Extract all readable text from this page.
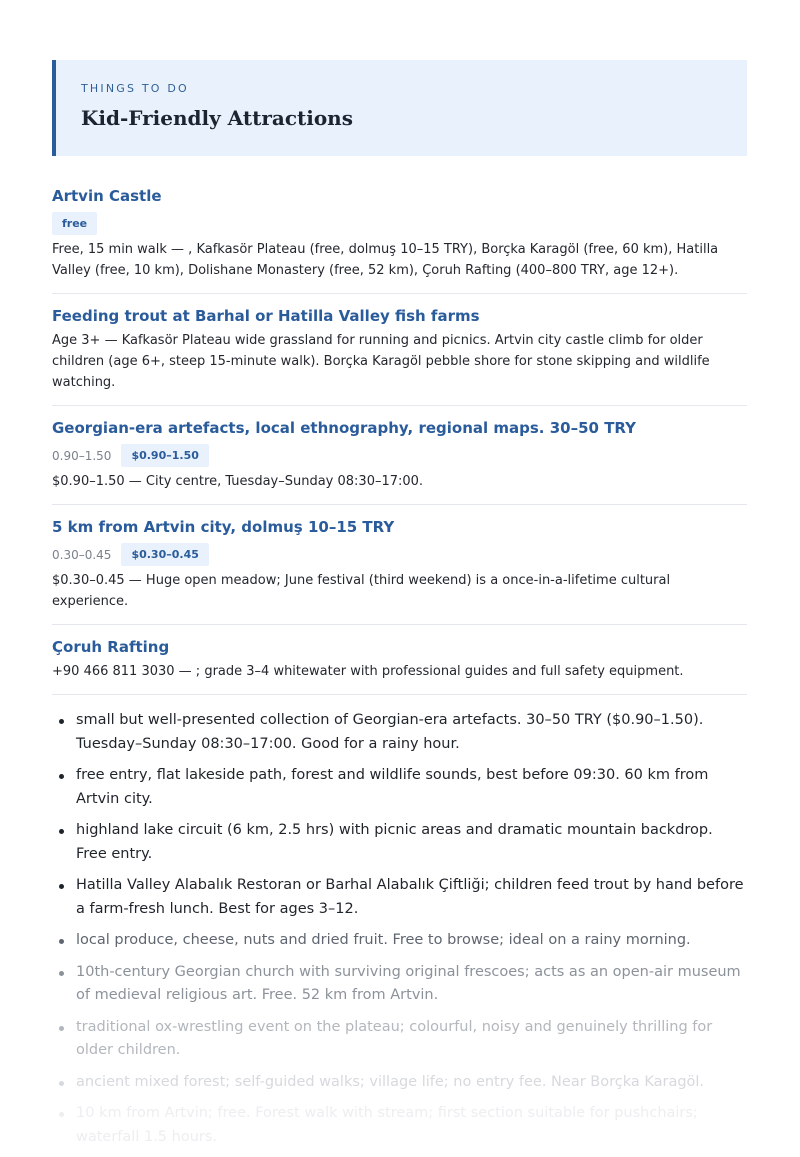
THINGS TO DO
Kid-Friendly Attractions
Artvin Castle
free
Free, 15 min walk — , Kafkasör Plateau (free, dolmuş 10–15 TRY), Borçka Karagöl (free, 60 km), Hatilla Valley (free, 10 km), Dolishane Monastery (free, 52 km), Çoruh Rafting (400–800 TRY, age 12+).
Feeding trout at Barhal or Hatilla Valley fish farms
Age 3+ — Kafkasör Plateau wide grassland for running and picnics. Artvin city castle climb for older children (age 6+, steep 15-minute walk). Borçka Karagöl pebble shore for stone skipping and wildlife watching.
Georgian-era artefacts, local ethnography, regional maps. 30–50 TRY
0.90–1.50	$0.90–1.50
$0.90–1.50 — City centre, Tuesday–Sunday 08:30–17:00.
5 km from Artvin city, dolmuş 10–15 TRY
0.30–0.45	$0.30–0.45
$0.30–0.45 — Huge open meadow; June festival (third weekend) is a once-in-a-lifetime cultural experience.
Çoruh Rafting
+90 466 811 3030 — ; grade 3–4 whitewater with professional guides and full safety equipment.
small but well-presented collection of Georgian-era artefacts. 30–50 TRY ($0.90–1.50). Tuesday–Sunday 08:30–17:00. Good for a rainy hour.
free entry, flat lakeside path, forest and wildlife sounds, best before 09:30. 60 km from Artvin city.
highland lake circuit (6 km, 2.5 hrs) with picnic areas and dramatic mountain backdrop. Free entry.
Hatilla Valley Alabalık Restoran or Barhal Alabalık Çiftliği; children feed trout by hand before a farm-fresh lunch. Best for ages 3–12.
local produce, cheese, nuts and dried fruit. Free to browse; ideal on a rainy morning.
10th-century Georgian church with surviving original frescoes; acts as an open-air museum of medieval religious art. Free. 52 km from Artvin.
traditional ox-wrestling event on the plateau; colourful, noisy and genuinely thrilling for older children.
ancient mixed forest; self-guided walks; village life; no entry fee. Near Borçka Karagöl.
10 km from Artvin; free. Forest walk with stream; first section suitable for pushchairs; waterfall 1.5 hours.
